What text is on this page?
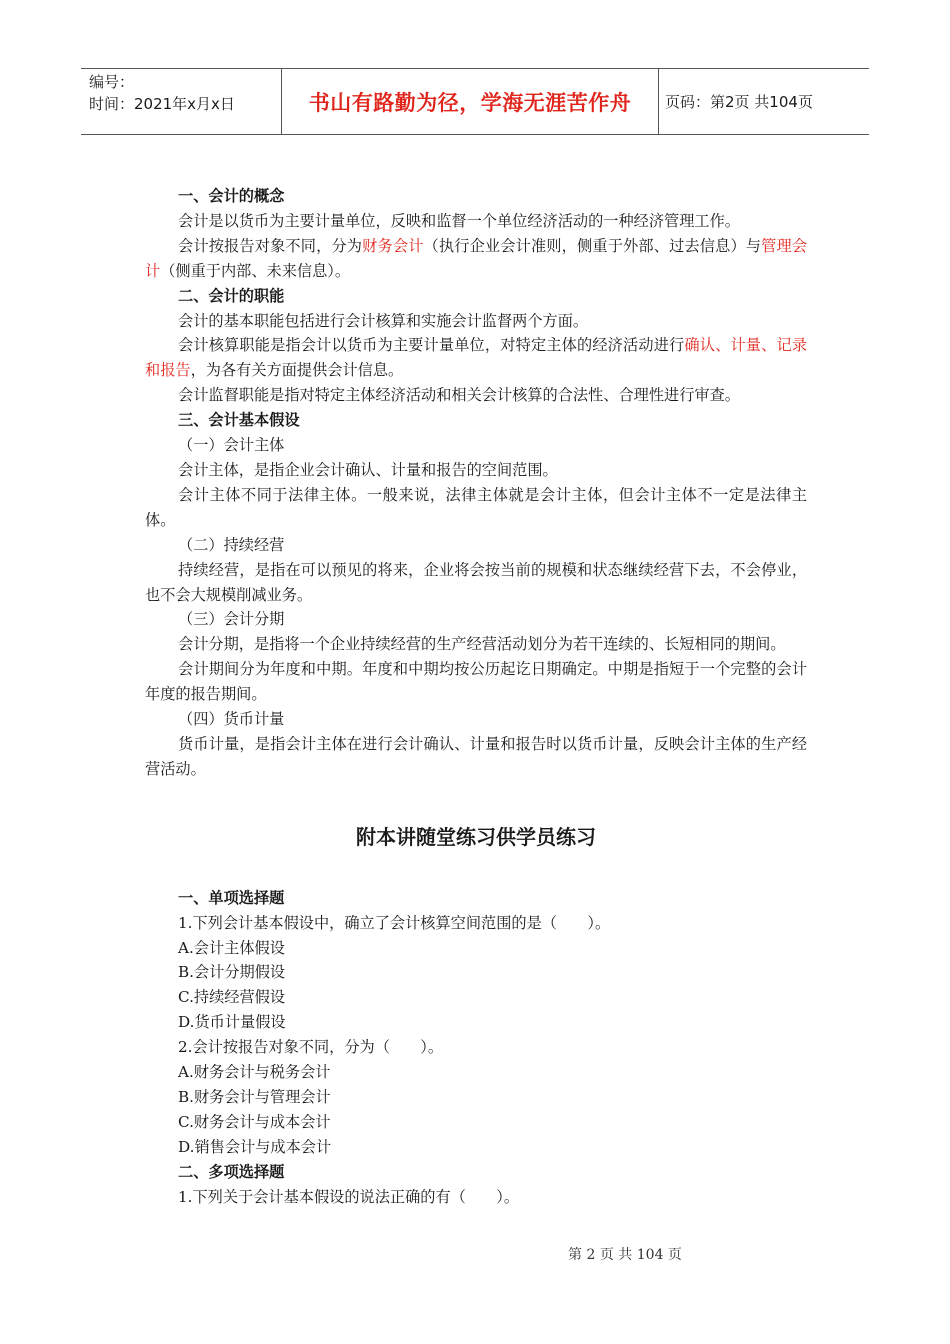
编号：
时间：2021年x月x日	书山有路勤为径，学海无涯苦作舟	页码：第2页 共104页

一、会计的概念

会计是以货币为主要计量单位，反映和监督一个单位经济活动的一种经济管理工作。

会计按报告对象不同，分为财务会计（执行企业会计准则，侧重于外部、过去信息）与管理会计（侧重于内部、未来信息）。

二、会计的职能

会计的基本职能包括进行会计核算和实施会计监督两个方面。

会计核算职能是指会计以货币为主要计量单位，对特定主体的经济活动进行确认、计量、记录和报告，为各有关方面提供会计信息。

会计监督职能是指对特定主体经济活动和相关会计核算的合法性、合理性进行审查。

三、会计基本假设

（一）会计主体

会计主体，是指企业会计确认、计量和报告的空间范围。

会计主体不同于法律主体。一般来说，法律主体就是会计主体，但会计主体不一定是法律主体。

（二）持续经营

持续经营，是指在可以预见的将来，企业将会按当前的规模和状态继续经营下去，不会停业，也不会大规模削减业务。

（三）会计分期

会计分期，是指将一个企业持续经营的生产经营活动划分为若干连续的、长短相同的期间。

会计期间分为年度和中期。年度和中期均按公历起讫日期确定。中期是指短于一个完整的会计年度的报告期间。

（四）货币计量

货币计量，是指会计主体在进行会计确认、计量和报告时以货币计量，反映会计主体的生产经营活动。

附本讲随堂练习供学员练习

一、单项选择题

1.下列会计基本假设中，确立了会计核算空间范围的是（　　）。

A.会计主体假设

B.会计分期假设

C.持续经营假设

D.货币计量假设

2.会计按报告对象不同，分为（　　）。

A.财务会计与税务会计

B.财务会计与管理会计

C.财务会计与成本会计

D.销售会计与成本会计

二、多项选择题

1.下列关于会计基本假设的说法正确的有（　　）。

第 2 页 共 104 页
